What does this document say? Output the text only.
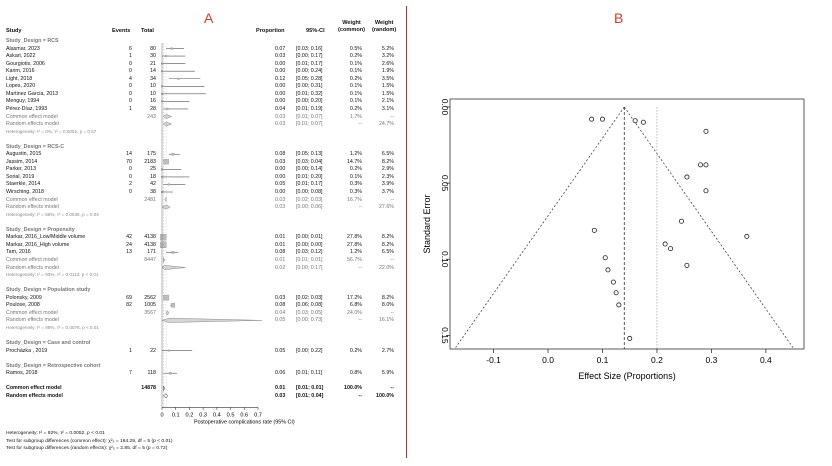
A	B
Study	Events Total	Proportion	95%-CI
Weight
(common)
Weight
(random)
Study_Design = RCS
Alasmar, 2023	6	80	0.07 [0.03; 0.16]	0.5%	5.2%
Askari, 2022	1	30	0.03 [0.00; 0.17]	0.2%	3.2%
Gourgiotis, 2006	0	21	0.00 [0.01; 0.17]	0.1%	2.6%
Karim, 2016	0	14	0.00 [0.00; 0.24]	0.1%	1.9%
Light, 2018	4	34	0.12 [0.05; 0.28]	0.2%	3.5%
Lopes, 2020	0	10	0.00 [0.00; 0.31]	0.1%	1.5%
Martinez Garcia, 2013	0	10	0.00 [0.01; 0.32]	0.1%	1.5%
Menguy, 1994	0	16	0.00 [0.00; 0.20]	0.1%	2.1%
Pérez-Díaz, 1993	1	28	0.04 [0.01; 0.19]	0.2%	3.1%
Common effect model	243	0.03 [0.01; 0.07]	1.7%	--
Random effects model	0.03 [0.01; 0.07]	--	24.7%
Heterogeneity: I² = 0%, τ² = 0.0002, p = 0.57
Study_Design = RCS-C
Augustin, 2015	14	175	0.08 [0.05; 0.13]	1.2%	6.5%
Jassim, 2014	70	2183	0.03 [0.03; 0.04]	14.7%	8.2%
Parker, 2013	0	25	0.00 [0.00; 0.14]	0.2%	2.9%
Sorial, 2019	0	18	0.00 [0.01; 0.20]	0.1%	2.3%
Staerkle, 2014	2	42	0.05 [0.01; 0.17]	0.3%	3.9%
Wirsching, 2018	0	38	0.00 [0.00; 0.08]	0.3%	3.7%
Common effect model	2481	0.03 [0.02; 0.03]	16.7%	--
Random effects model	0.03 [0.00; 0.06]	--	27.6%
Heterogeneity: I² = 56%, τ² = 0.0035, p = 0.04
Study_Design = Propensity
Markar, 2016_Low/Middle volume	42	4138	0.01 [0.00; 0.01]	27.8%	8.2%
Markar, 2016_High volume	24	4138	0.01 [0.00; 0.00]	27.8%	8.2%
Tam, 2016	13	171	0.08 [0.03; 0.12]	1.2%	6.5%
Common effect model	8447	0.01 [0.01; 0.01]	56.7%	--
Random effects model	0.02 [0.00; 0.17]	--	22.0%
Heterogeneity: I² = 93%, τ² = 0.0113, p < 0.01
Study_Design = Population study
Polonsky, 2009	69	2562	0.03 [0.02; 0.03]	17.2%	8.2%
Poulose, 2008	82	1005	0.08 [0.06; 0.08]	6.8%	8.0%
Common effect model	3567	0.04 [0.03; 0.05]	24.0%	--
Random effects model	0.05 [0.00; 0.73]	--	16.1%
Heterogeneity: I² = 98%, τ² = 0.0076, p < 0.01
Study_Design = Case and control
Procházka , 2019	1	22	0.05 [0.00; 0.22]	0.2%	2.7%
Study_Design = Retrospective cohort
Ramos, 2018	7	118	0.06 [0.01; 0.11]	0.8%	5.9%
Common effect model	14878	0.01 [0.01; 0.01]	100.0%	--
Random effects model	0.03 [0.01; 0.04]	--	100.0%
0 0.1 0.2 0.3 0.4 0.5 0.6 0.7
Postoperative complications rate (95% CI)
Heterogeneity: I² = 92%, τ² = 0.0052, p < 0.01
Test for subgroup differences (common effect): χ²₅ = 164.29, df = 5 (p < 0.01)
Test for subgroup differences (random effects): χ²₅ = 2.85, df = 5 (p = 0.72)
-0.1	0.0	0.1	0.2	0.3	0.4
Effect Size (Proportions)
0.00
0.05
0.10
0.15
Standard Error
